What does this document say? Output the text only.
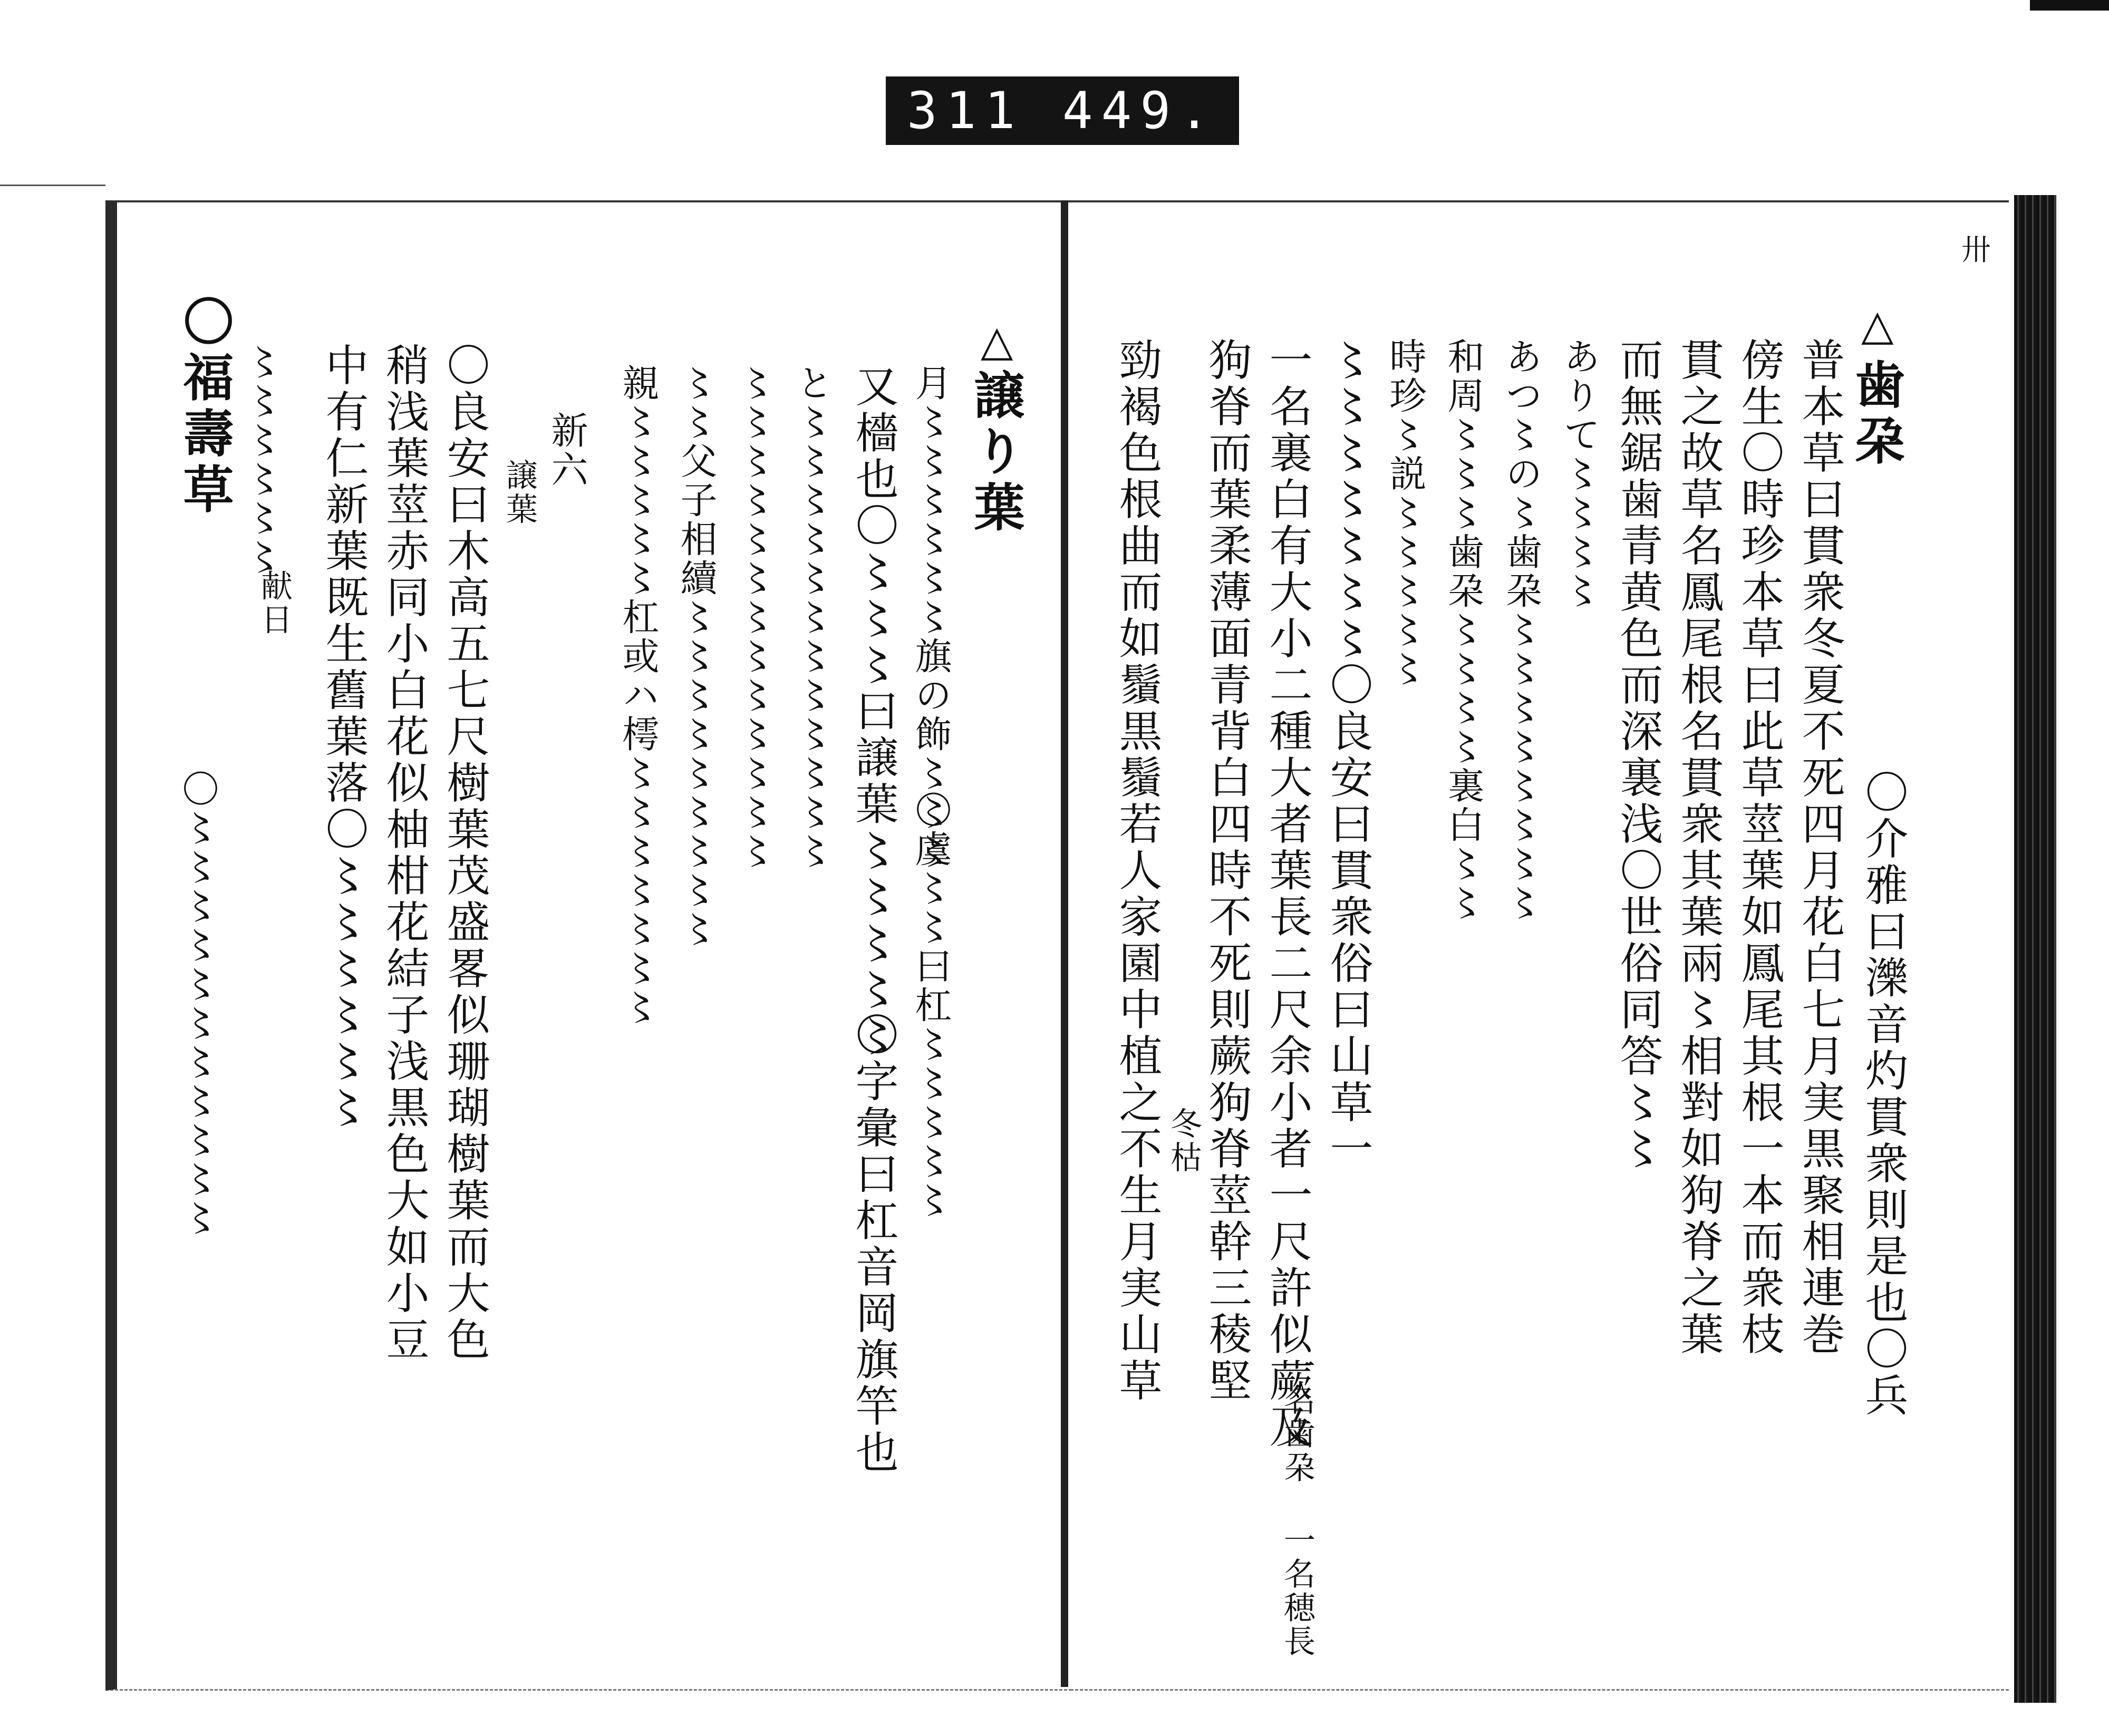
311 449.
卅
△
歯朶
〇介雅曰濼音灼貫衆則是也〇兵
普本草曰貫衆冬夏不死四月花白七月実黒聚相連巻
傍生〇時珍本草曰此草莖葉如鳳尾其根一本而衆枝
貫之故草名鳳尾根名貫衆其葉兩〻相對如狗脊之葉
而無鋸歯青黄色而深裏浅〇世俗同答〻〻
ありて〻〻〻〻
あつ〻の〻歯朶〻〻〻〻〻〻〻〻
和周〻〻〻歯朶〻〻〻〻裏白〻〻
時珍〻説〻〻〻〻〻
〻〻〻〻〻〻〻〇良安曰貫衆俗曰山草一
一名歯朶 一名穂長
一名裏白有大小二種大者葉長二尺余小者一尺許似蕨及
狗脊而葉柔薄面青背白四時不死則蕨狗脊莖幹三稜堅
冬枯
勁褐色根曲而如鬚黒鬚若人家園中植之不生月実山草
△
譲り葉
〇虞〻〻曰杠〻〻〻〻〻
月〻〻〻〻〻〻旗の飾〻〻〻
又檣也〇〻〻〻曰譲葉〻〻〻〻〻
〇字彙曰杠音岡旗竿也
と〻〻〻〻〻〻〻〻〻〻〻〻
〻〻〻〻〻〻〻〻〻〻〻〻〻
〻〻父子相續〻〻〻〻〻〻〻〻〻
親〻〻〻〻〻杠或ハ樗〻〻〻〻〻〻〻
新六
譲葉
〇良安曰木高五七尺樹葉茂盛畧似珊瑚樹葉而大色
稍浅葉莖赤同小白花似柚柑花結子浅黒色大如小豆
中有仁新葉既生舊葉落〇〻〻〻〻〻〻
〇福壽草 〻〻〻〻〻〻
献日
〇〻〻〻〻〻〻〻〻〻〻〻
